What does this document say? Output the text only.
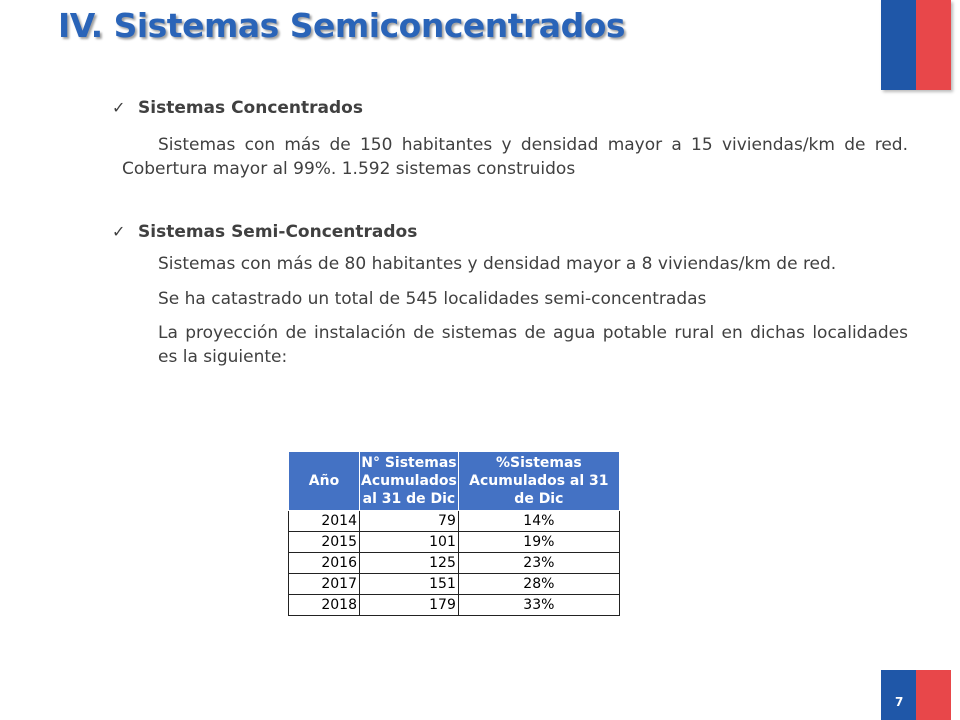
IV. Sistemas Semiconcentrados

✓ Sistemas Concentrados

Sistemas con más de 150 habitantes y densidad mayor a 15 viviendas/km de red. Cobertura mayor al 99%. 1.592 sistemas construidos

✓ Sistemas Semi-Concentrados

Sistemas con más de 80 habitantes y densidad mayor a 8 viviendas/km de red.

Se ha catastrado un total de 545 localidades semi-concentradas

La proyección de instalación de sistemas de agua potable rural en dichas localidades es la siguiente:

Año	N° Sistemas Acumulados al 31 de Dic	%Sistemas Acumulados al 31 de Dic
2014	79	14%
2015	101	19%
2016	125	23%
2017	151	28%
2018	179	33%
7
